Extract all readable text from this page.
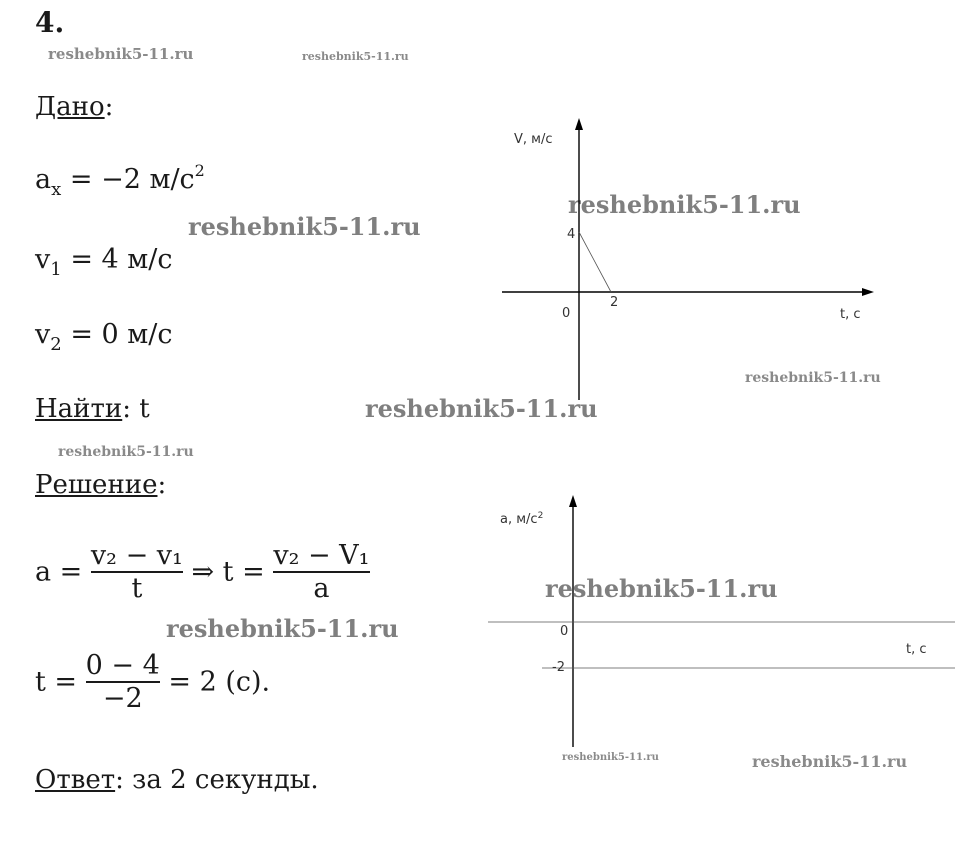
4.
reshebnik5-11.ru	reshebnik5-11.ru
reshebnik5-11.ru
reshebnik5-11.ru
reshebnik5-11.ru
reshebnik5-11.ru
reshebnik5-11.ru
reshebnik5-11.ru
reshebnik5-11.ru
reshebnik5-11.ru	reshebnik5-11.ru
Дано:
$a_x = -2$ $м/с^2$
$v_1 = 4$ м/с
$v_2 = 0$ м/с
Найти: t
Решение:
$a = \frac{\text{v₂ − v₁}}{t}$ ⇒ $t = \frac{\text{v₂ − V₁}}{a}$
$t = \frac{0 - 4}{-2} = 2$ (с).
Ответ: за 2 секунды.
V, м/с
t, c
0
4
2
a, $м/с^2$
t, c
0
-2
